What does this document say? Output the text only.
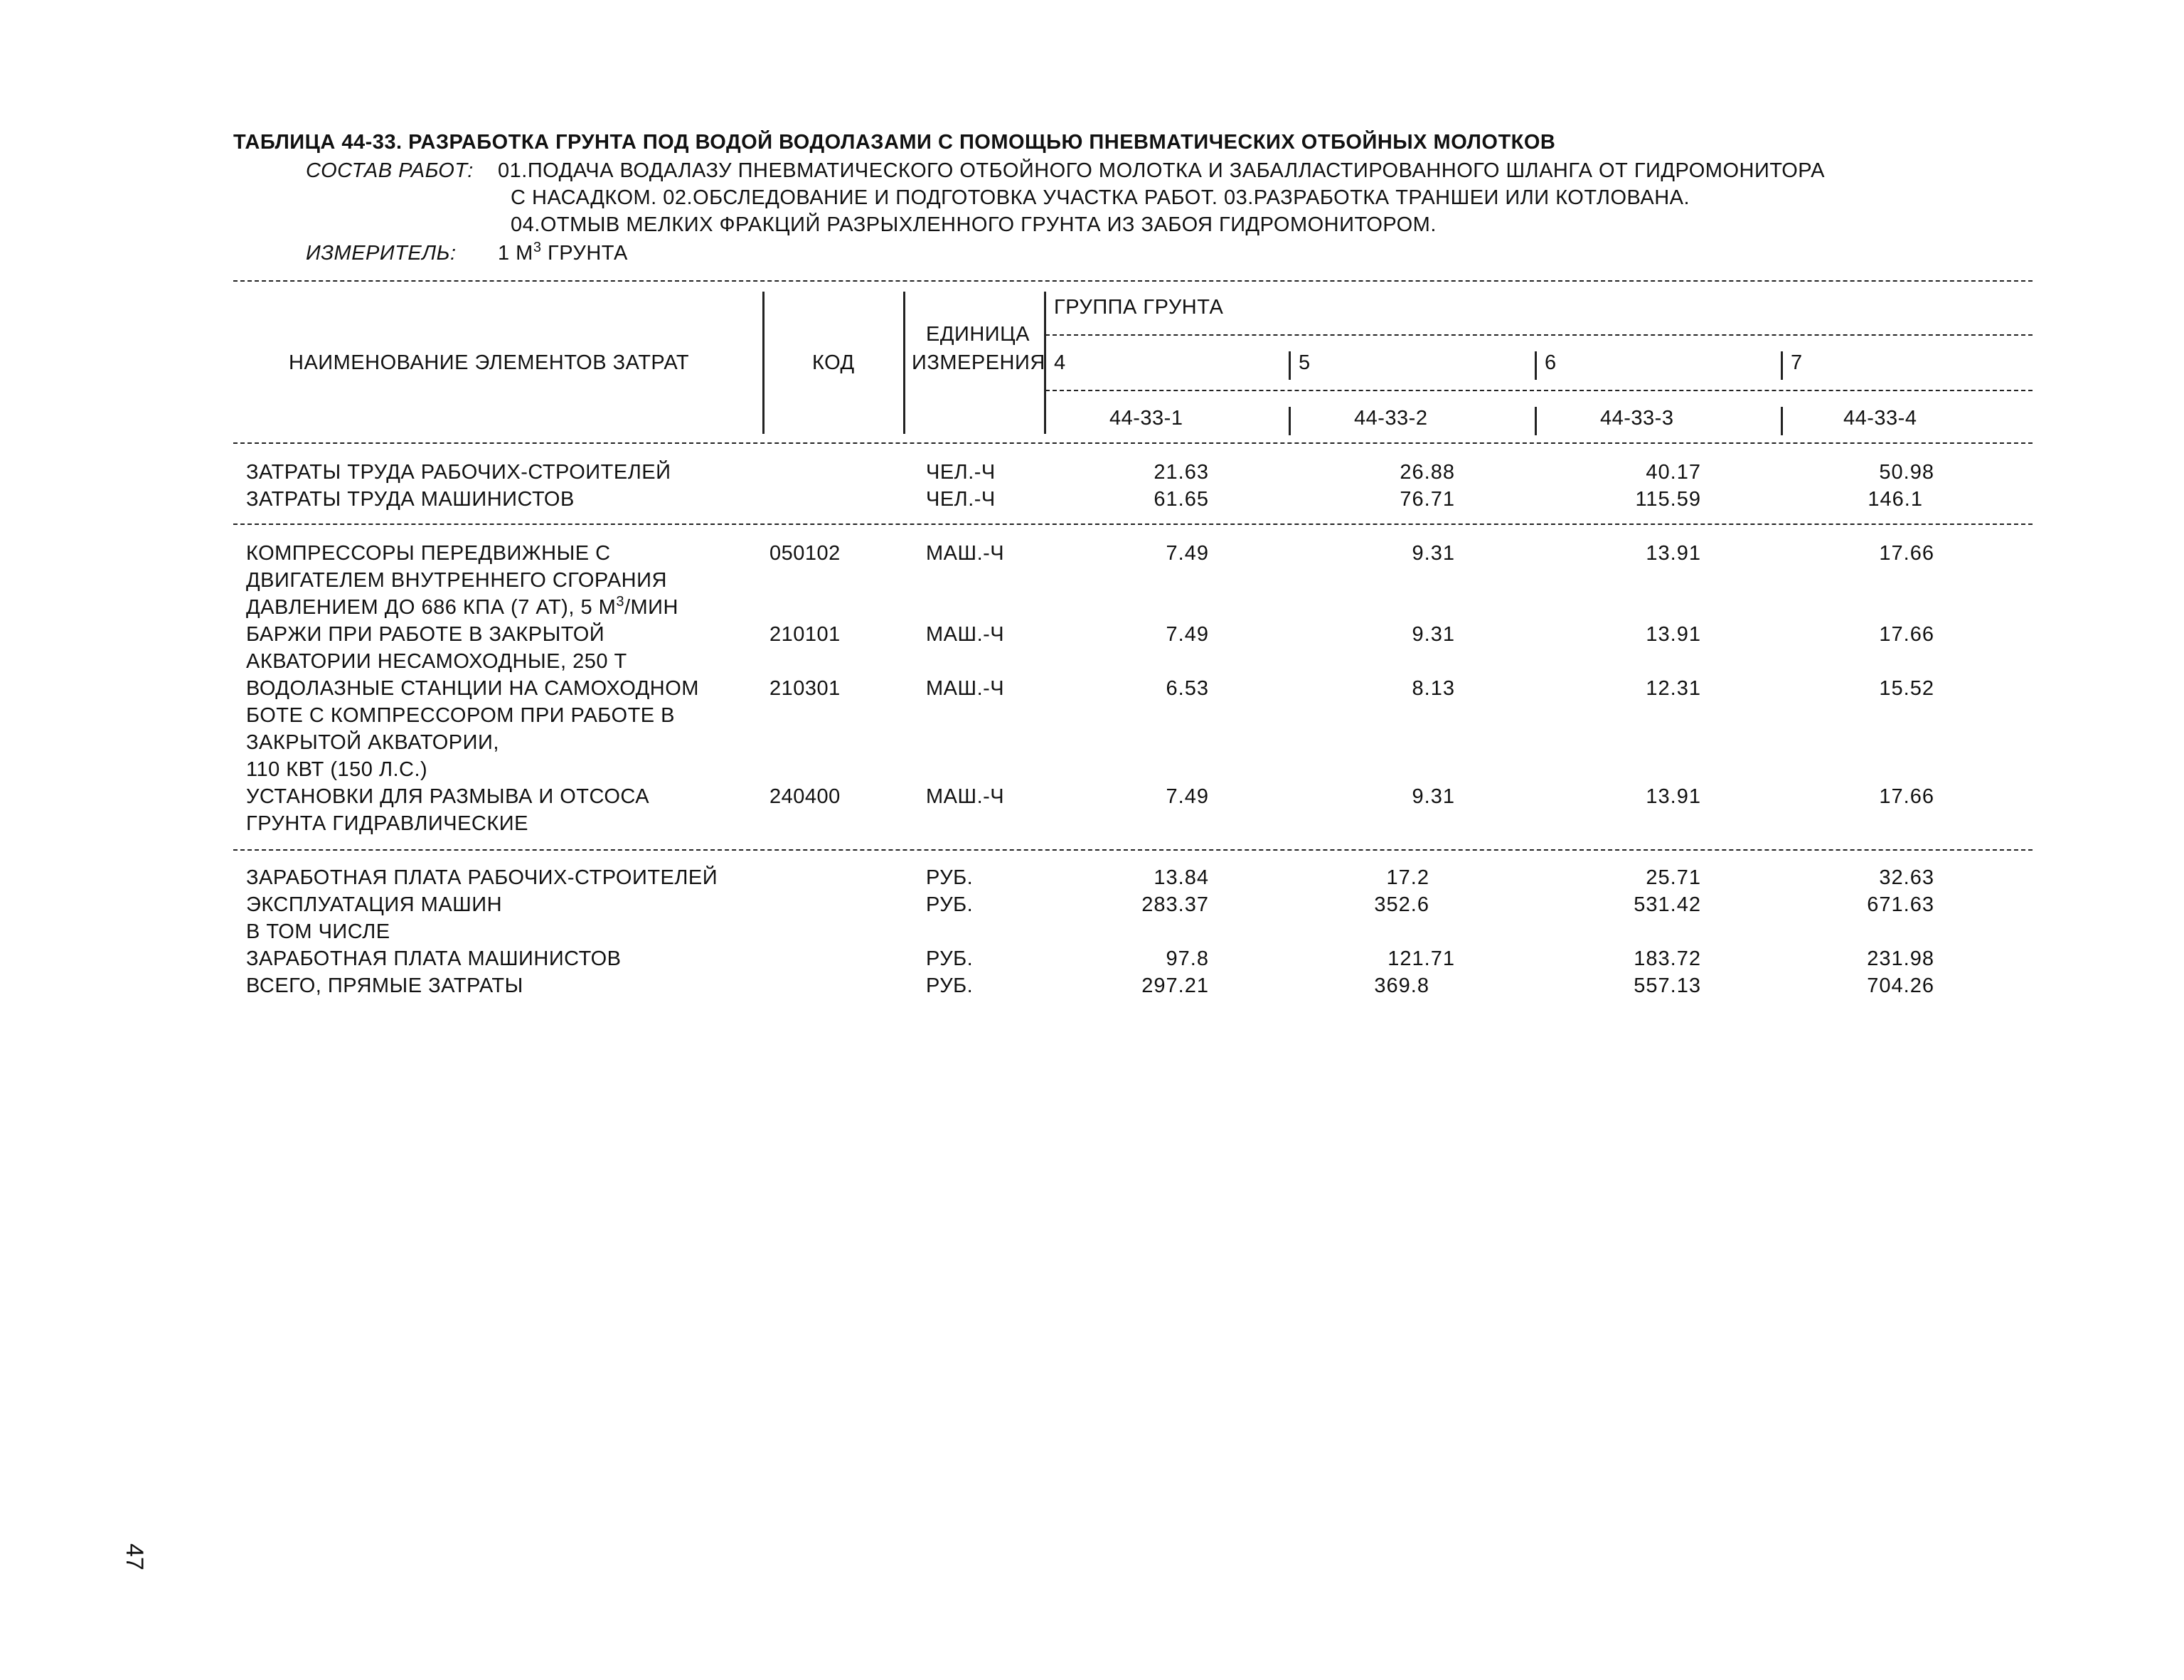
ТАБЛИЦА 44-33. РАЗРАБОТКА ГРУНТА ПОД ВОДОЙ ВОДОЛАЗАМИ С ПОМОЩЬЮ ПНЕВМАТИЧЕСКИХ ОТБОЙНЫХ МОЛОТКОВ
СОСТАВ РАБОТ: 01.ПОДАЧА ВОДАЛАЗУ ПНЕВМАТИЧЕСКОГО ОТБОЙНОГО МОЛОТКА И ЗАБАЛЛАСТИРОВАННОГО ШЛАНГА ОТ ГИДРОМОНИТОРА
С НАСАДКОМ. 02.ОБСЛЕДОВАНИЕ И ПОДГОТОВКА УЧАСТКА РАБОТ. 03.РАЗРАБОТКА ТРАНШЕИ ИЛИ КОТЛОВАНА.
04.ОТМЫВ МЕЛКИХ ФРАКЦИЙ РАЗРЫХЛЕННОГО ГРУНТА ИЗ ЗАБОЯ ГИДРОМОНИТОРОМ.
ИЗМЕРИТЕЛЬ: 1 $М^3$ ГРУНТА
НАИМЕНОВАНИЕ ЭЛЕМЕНТОВ ЗАТРАТ	КОД
ЕДИНИЦА
ИЗМЕРЕНИЯ
ГРУППА ГРУНТА
4	5	6	7
44-33-1	44-33-2	44-33-3	44-33-4
ЗАТРАТЫ ТРУДА РАБОЧИХ-СТРОИТЕЛЕЙ	ЧЕЛ.-Ч	21.63	26.88	40.17	50.98
ЗАТРАТЫ ТРУДА МАШИНИСТОВ	ЧЕЛ.-Ч	61.65	76.71	115.59	146.1
КОМПРЕССОРЫ ПЕРЕДВИЖНЫЕ С
ДВИГАТЕЛЕМ ВНУТРЕННЕГО СГОРАНИЯ
ДАВЛЕНИЕМ ДО 686 КПА (7 АТ), 5 $М^3$/МИН
050102	МАШ.-Ч	7.49	9.31	13.91	17.66
БАРЖИ ПРИ РАБОТЕ В ЗАКРЫТОЙ
АКВАТОРИИ НЕСАМОХОДНЫЕ, 250 Т
210101	МАШ.-Ч	7.49	9.31	13.91	17.66
ВОДОЛАЗНЫЕ СТАНЦИИ НА САМОХОДНОМ
БОТЕ С КОМПРЕССОРОМ ПРИ РАБОТЕ В
ЗАКРЫТОЙ АКВАТОРИИ,
110 КВТ (150 Л.С.)
210301	МАШ.-Ч	6.53	8.13	12.31	15.52
УСТАНОВКИ ДЛЯ РАЗМЫВА И ОТСОСА
ГРУНТА ГИДРАВЛИЧЕСКИЕ
240400	МАШ.-Ч	7.49	9.31	13.91	17.66
ЗАРАБОТНАЯ ПЛАТА РАБОЧИХ-СТРОИТЕЛЕЙ	РУБ.	13.84	17.2	25.71	32.63
ЭКСПЛУАТАЦИЯ МАШИН	РУБ.	283.37	352.6	531.42	671.63
В ТОМ ЧИСЛЕ
ЗАРАБОТНАЯ ПЛАТА МАШИНИСТОВ	РУБ.	97.8	121.71	183.72	231.98
ВСЕГО, ПРЯМЫЕ ЗАТРАТЫ	РУБ.	297.21	369.8	557.13	704.26
47
